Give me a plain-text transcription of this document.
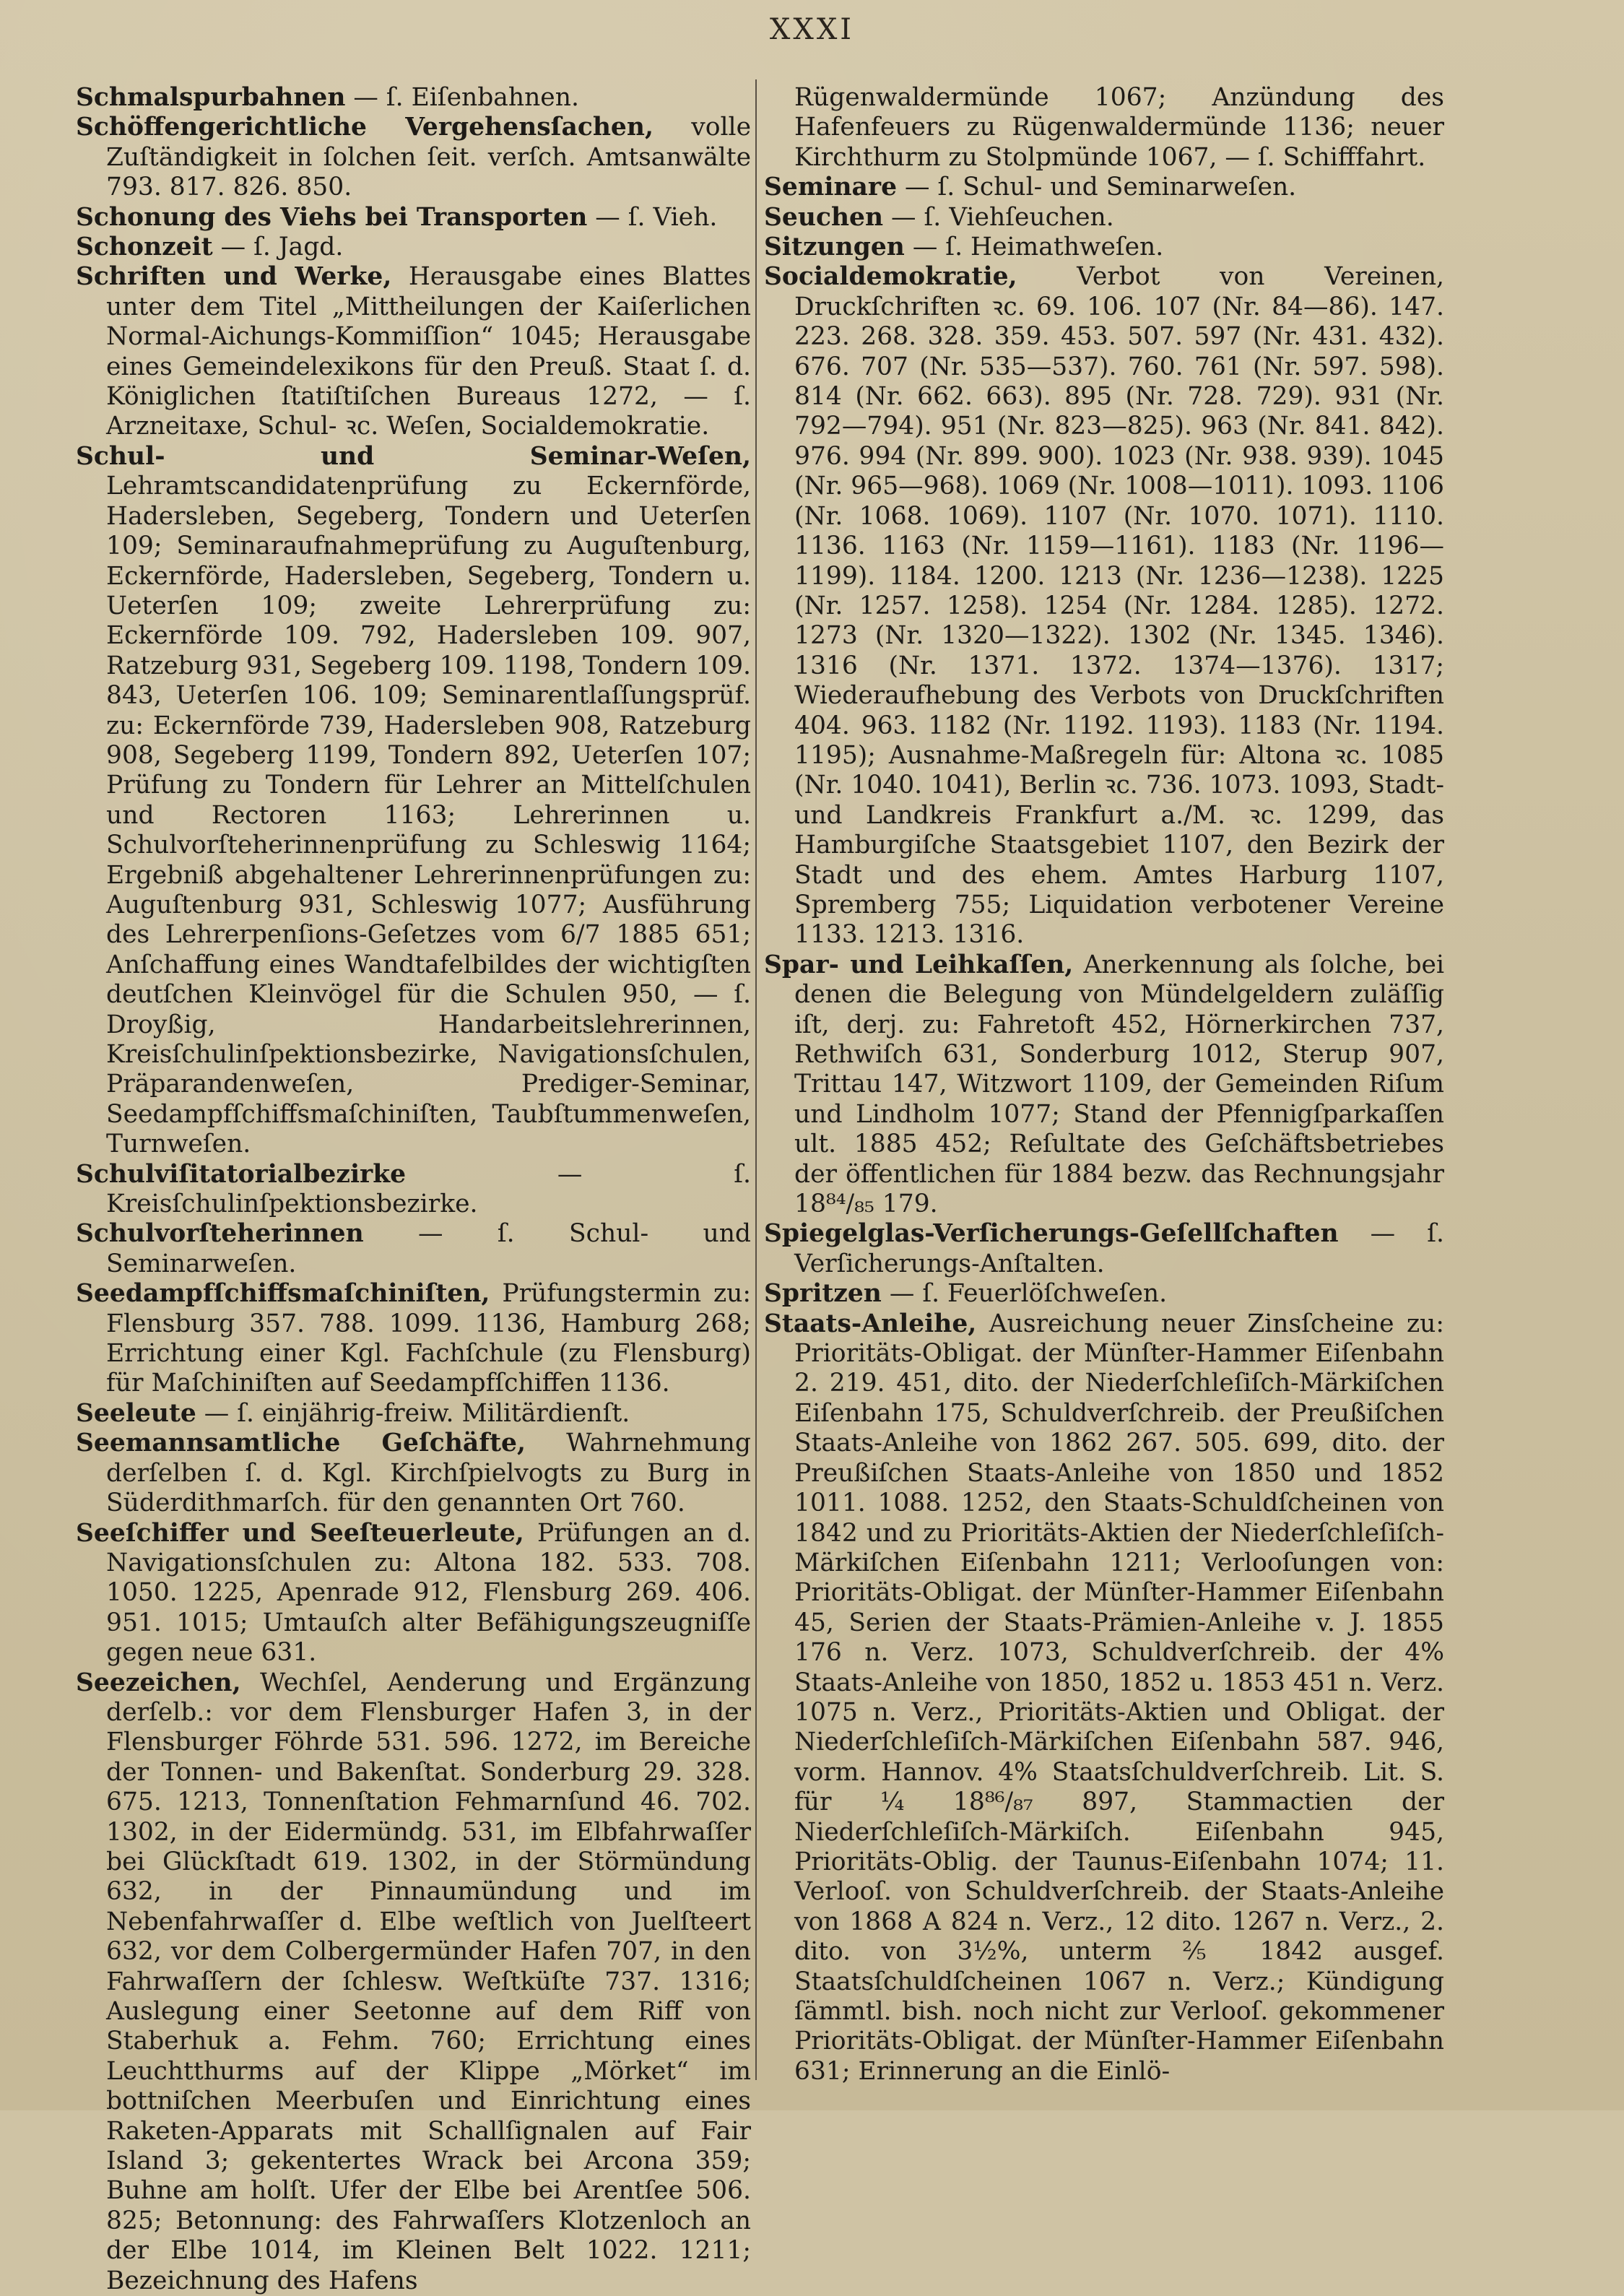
XXXI

Schmalspurbahnen — ſ. Eiſenbahnen.

Schöffengerichtliche Vergehensſachen, volle Zuſtändigkeit in ſolchen ſeit. verſch. Amtsanwälte 793. 817. 826. 850.

Schonung des Viehs bei Transporten — ſ. Vieh.

Schonzeit — ſ. Jagd.

Schriften und Werke, Herausgabe eines Blattes unter dem Titel „Mittheilungen der Kaiſerlichen Normal-Aichungs-Kommiſſion“ 1045; Herausgabe eines Gemeindelexikons für den Preuß. Staat ſ. d. Königlichen ſtatiſtiſchen Bureaus 1272, — ſ. Arzneitaxe, Schul- ꝛc. Weſen, Socialdemokratie.

Schul- und Seminar-Weſen, Lehramtscandidatenprüfung zu Eckernförde, Hadersleben, Segeberg, Tondern und Ueterſen 109; Seminaraufnahmeprüfung zu Auguſtenburg, Eckernförde, Hadersleben, Segeberg, Tondern u. Ueterſen 109; zweite Lehrerprüfung zu: Eckernförde 109. 792, Hadersleben 109. 907, Ratzeburg 931, Segeberg 109. 1198, Tondern 109. 843, Ueterſen 106. 109; Seminarentlaſſungsprüf. zu: Eckernförde 739, Hadersleben 908, Ratzeburg 908, Segeberg 1199, Tondern 892, Ueterſen 107; Prüfung zu Tondern für Lehrer an Mittelſchulen und Rectoren 1163; Lehrerinnen u. Schulvorſteherinnenprüfung zu Schleswig 1164; Ergebniß abgehaltener Lehrerinnenprüfungen zu: Auguſtenburg 931, Schleswig 1077; Ausführung des Lehrerpenſions-Geſetzes vom 6/7 1885 651; Anſchaffung eines Wandtafelbildes der wichtigſten deutſchen Kleinvögel für die Schulen 950, — ſ. Droyßig, Handarbeitslehrerinnen, Kreisſchulinſpektionsbezirke, Navigationsſchulen, Präparandenweſen, Prediger-Seminar, Seedampfſchiffsmaſchiniſten, Taubſtummenweſen, Turnweſen.

Schulviſitatorialbezirke — ſ. Kreisſchulinſpektionsbezirke.

Schulvorſteherinnen — ſ. Schul- und Seminarweſen.

Seedampfſchiffsmaſchiniſten, Prüfungstermin zu: Flensburg 357. 788. 1099. 1136, Hamburg 268; Errichtung einer Kgl. Fachſchule (zu Flensburg) für Maſchiniſten auf Seedampfſchiffen 1136.

Seeleute — ſ. einjährig-freiw. Militärdienſt.

Seemannsamtliche Geſchäfte, Wahrnehmung derſelben ſ. d. Kgl. Kirchſpielvogts zu Burg in Süderdithmarſch. für den genannten Ort 760.

Seeſchiffer und Seeſteuerleute, Prüfungen an d. Navigationsſchulen zu: Altona 182. 533. 708. 1050. 1225, Apenrade 912, Flensburg 269. 406. 951. 1015; Umtauſch alter Befähigungszeugniſſe gegen neue 631.

Seezeichen, Wechſel, Aenderung und Ergänzung derſelb.: vor dem Flensburger Hafen 3, in der Flensburger Föhrde 531. 596. 1272, im Bereiche der Tonnen- und Bakenſtat. Sonderburg 29. 328. 675. 1213, Tonnenſtation Fehmarnſund 46. 702. 1302, in der Eidermündg. 531, im Elbfahrwaſſer bei Glückſtadt 619. 1302, in der Störmündung 632, in der Pinnaumündung und im Nebenfahrwaſſer d. Elbe weſtlich von Juelſteert 632, vor dem Colbergermünder Hafen 707, in den Fahrwaſſern der ſchlesw. Weſtküſte 737. 1316; Auslegung einer Seetonne auf dem Riff von Staberhuk a. Fehm. 760; Errichtung eines Leuchtthurms auf der Klippe „Mörket“ im bottniſchen Meerbuſen und Einrichtung eines Raketen-Apparats mit Schallſignalen auf Fair Island 3; gekentertes Wrack bei Arcona 359; Buhne am holſt. Ufer der Elbe bei Arentſee 506. 825; Betonnung: des Fahrwaſſers Klotzenloch an der Elbe 1014, im Kleinen Belt 1022. 1211; Bezeichnung des Hafens

Rügenwaldermünde 1067; Anzündung des Hafenfeuers zu Rügenwaldermünde 1136; neuer Kirchthurm zu Stolpmünde 1067, — ſ. Schifffahrt.

Seminare — ſ. Schul- und Seminarweſen.

Seuchen — ſ. Viehſeuchen.

Sitzungen — ſ. Heimathweſen.

Socialdemokratie, Verbot von Vereinen, Druckſchriften ꝛc. 69. 106. 107 (Nr. 84—86). 147. 223. 268. 328. 359. 453. 507. 597 (Nr. 431. 432). 676. 707 (Nr. 535—537). 760. 761 (Nr. 597. 598). 814 (Nr. 662. 663). 895 (Nr. 728. 729). 931 (Nr. 792—794). 951 (Nr. 823—825). 963 (Nr. 841. 842). 976. 994 (Nr. 899. 900). 1023 (Nr. 938. 939). 1045 (Nr. 965—968). 1069 (Nr. 1008—1011). 1093. 1106 (Nr. 1068. 1069). 1107 (Nr. 1070. 1071). 1110. 1136. 1163 (Nr. 1159—1161). 1183 (Nr. 1196—1199). 1184. 1200. 1213 (Nr. 1236—1238). 1225 (Nr. 1257. 1258). 1254 (Nr. 1284. 1285). 1272. 1273 (Nr. 1320—1322). 1302 (Nr. 1345. 1346). 1316 (Nr. 1371. 1372. 1374—1376). 1317; Wiederaufhebung des Verbots von Druckſchriften 404. 963. 1182 (Nr. 1192. 1193). 1183 (Nr. 1194. 1195); Ausnahme-Maßregeln für: Altona ꝛc. 1085 (Nr. 1040. 1041), Berlin ꝛc. 736. 1073. 1093, Stadt- und Landkreis Frankfurt a./M. ꝛc. 1299, das Hamburgiſche Staatsgebiet 1107, den Bezirk der Stadt und des ehem. Amtes Harburg 1107, Spremberg 755; Liquidation verbotener Vereine 1133. 1213. 1316.

Spar- und Leihkaſſen, Anerkennung als ſolche, bei denen die Belegung von Mündelgeldern zuläſſig iſt, derj. zu: Fahretoft 452, Hörnerkirchen 737, Rethwiſch 631, Sonderburg 1012, Sterup 907, Trittau 147, Witzwort 1109, der Gemeinden Riſum und Lindholm 1077; Stand der Pfennigſparkaſſen ult. 1885 452; Reſultate des Geſchäftsbetriebes der öffentlichen für 1884 bezw. das Rechnungsjahr 18⁸⁴/₈₅ 179.

Spiegelglas-Verſicherungs-Geſellſchaften — ſ. Verſicherungs-Anſtalten.

Spritzen — ſ. Feuerlöſchweſen.

Staats-Anleihe, Ausreichung neuer Zinsſcheine zu: Prioritäts-Obligat. der Münſter-Hammer Eiſenbahn 2. 219. 451, dito. der Niederſchleſiſch-Märkiſchen Eiſenbahn 175, Schuldverſchreib. der Preußiſchen Staats-Anleihe von 1862 267. 505. 699, dito. der Preußiſchen Staats-Anleihe von 1850 und 1852 1011. 1088. 1252, den Staats-Schuldſcheinen von 1842 und zu Prioritäts-Aktien der Niederſchleſiſch-Märkiſchen Eiſenbahn 1211; Verlooſungen von: Prioritäts-Obligat. der Münſter-Hammer Eiſenbahn 45, Serien der Staats-Prämien-Anleihe v. J. 1855 176 n. Verz. 1073, Schuldverſchreib. der 4% Staats-Anleihe von 1850, 1852 u. 1853 451 n. Verz. 1075 n. Verz., Prioritäts-Aktien und Obligat. der Niederſchleſiſch-Märkiſchen Eiſenbahn 587. 946, vorm. Hannov. 4% Staatsſchuldverſchreib. Lit. S. für ¼ 18⁸⁶/₈₇ 897, Stammactien der Niederſchleſiſch-Märkiſch. Eiſenbahn 945, Prioritäts-Oblig. der Taunus-Eiſenbahn 1074; 11. Verlooſ. von Schuldverſchreib. der Staats-Anleihe von 1868 A 824 n. Verz., 12 dito. 1267 n. Verz., 2. dito. von 3½%, unterm ⅖ 1842 ausgef. Staatsſchuldſcheinen 1067 n. Verz.; Kündigung ſämmtl. bish. noch nicht zur Verlooſ. gekommener Prioritäts-Obligat. der Münſter-Hammer Eiſenbahn 631; Erinnerung an die Einlö-
